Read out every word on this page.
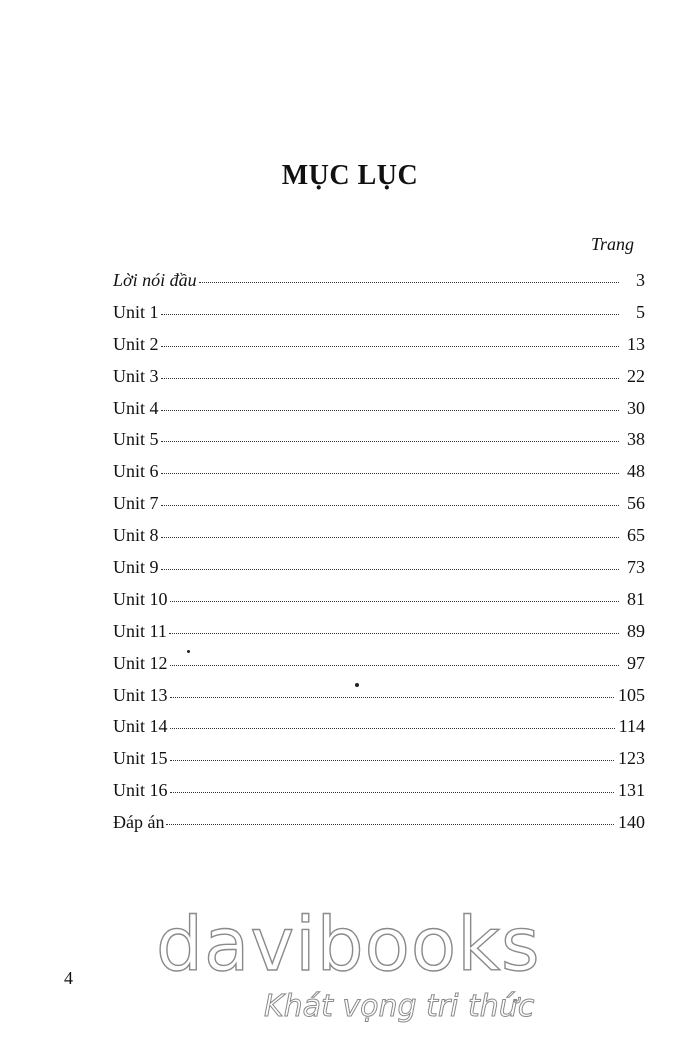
MỤC LỤC
Trang
Lời nói đầu	3
Unit 1	5
Unit 2	13
Unit 3	22
Unit 4	30
Unit 5	38
Unit 6	48
Unit 7	56
Unit 8	65
Unit 9	73
Unit 10	81
Unit 11	89
Unit 12	97
Unit 13	105
Unit 14	114
Unit 15	123
Unit 16	131
Đáp án	140
4 davibooks
Khát vọng tri thức
